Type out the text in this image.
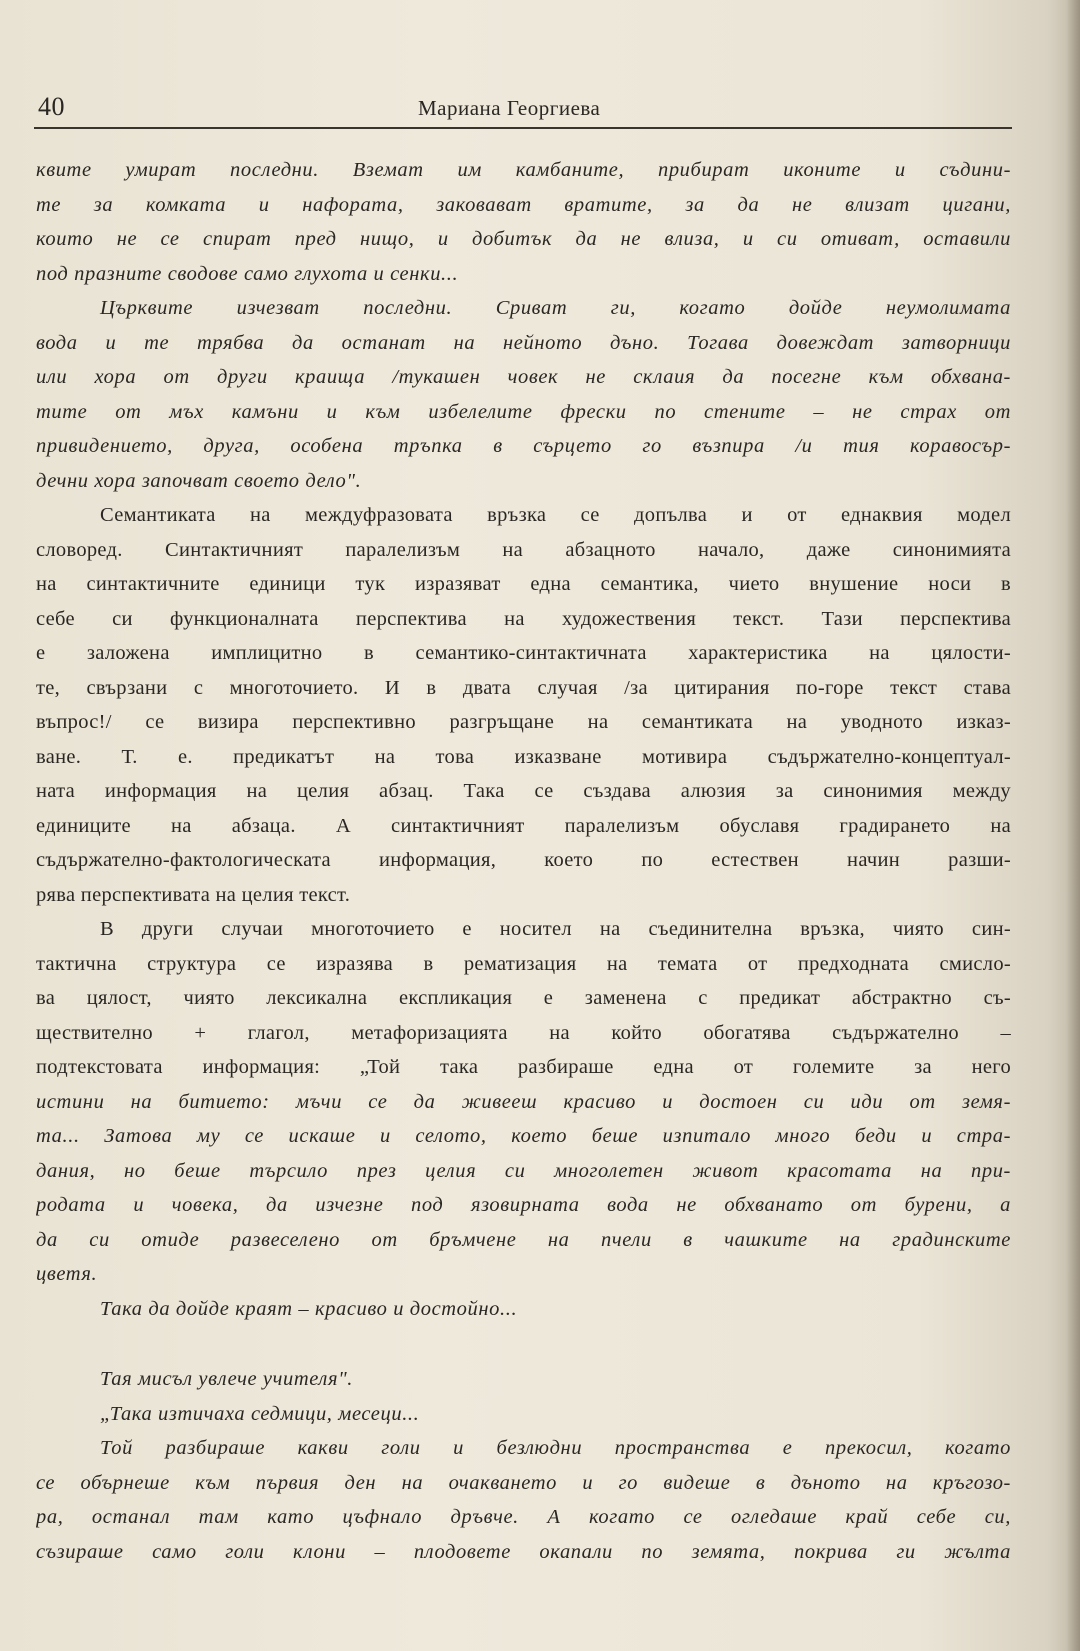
40	Мариана Георгиева
квите умират последни. Вземат им камбаните, прибират иконите и съдини-
те за комката и нафората, заковават вратите, за да не влизат цигани,
които не се спират пред нищо, и добитък да не влиза, и си отиват, оставили
под празните сводове само глухота и сенки...
Църквите изчезват последни. Сриват ги, когато дойде неумолимата
вода и те трябва да останат на нейното дъно. Тогава довеждат затворници
или хора от други краища /тукашен човек не склаия да посегне към обхвана-
тите от мъх камъни и към избелелите фрески по стените – не страх от
привидението, друга, особена тръпка в сърцето го възпира /и тия коравосър-
дечни хора започват своето дело".
Семантиката на междуфразовата връзка се допълва и от еднаквия модел
словоред. Синтактичният паралелизъм на абзацното начало, даже синонимията
на синтактичните единици тук изразяват една семантика, чието внушение носи в
себе си функционалната перспектива на художествения текст. Тази перспектива
е заложена имплицитно в семантико-синтактичната характеристика на цялости-
те, свързани с многоточието. И в двата случая /за цитирания по-горе текст става
въпрос!/ се визира перспективно разгръщане на семантиката на уводното изказ-
ване. Т. е. предикатът на това изказване мотивира съдържателно-концептуал-
ната информация на целия абзац. Така се създава алюзия за синонимия между
единиците на абзаца. А синтактичният паралелизъм обуславя градирането на
съдържателно-фактологическата информация, което по естествен начин разши-
рява перспективата на целия текст.
В други случаи многоточието е носител на съединителна връзка, чиято син-
тактична структура се изразява в рематизация на темата от предходната смисло-
ва цялост, чиято лексикална експликация е заменена с предикат абстрактно съ-
ществително + глагол, метафоризацията на който обогатява съдържателно –
подтекстовата информация: „Той така разбираше една от големите за него
истини на битието: мъчи се да живееш красиво и достоен си иди от земя-
та... Затова му се искаше и селото, което беше изпитало много беди и стра-
дания, но беше търсило през целия си многолетен живот красотата на при-
родата и човека, да изчезне под язовирната вода не обхванато от бурени, а
да си отиде развеселено от бръмчене на пчели в чашките на градинските
цветя.
Така да дойде краят – красиво и достойно...
Тая мисъл увлече учителя".
„Така изтичаха седмици, месеци...
Той разбираше какви голи и безлюдни пространства е прекосил, когато
се обърнеше към първия ден на очакването и го видеше в дъното на кръгозо-
ра, останал там като цъфнало дръвче. А когато се огледаше край себе си,
съзираше само голи клони – плодовете окапали по земята, покрива ги жълта
